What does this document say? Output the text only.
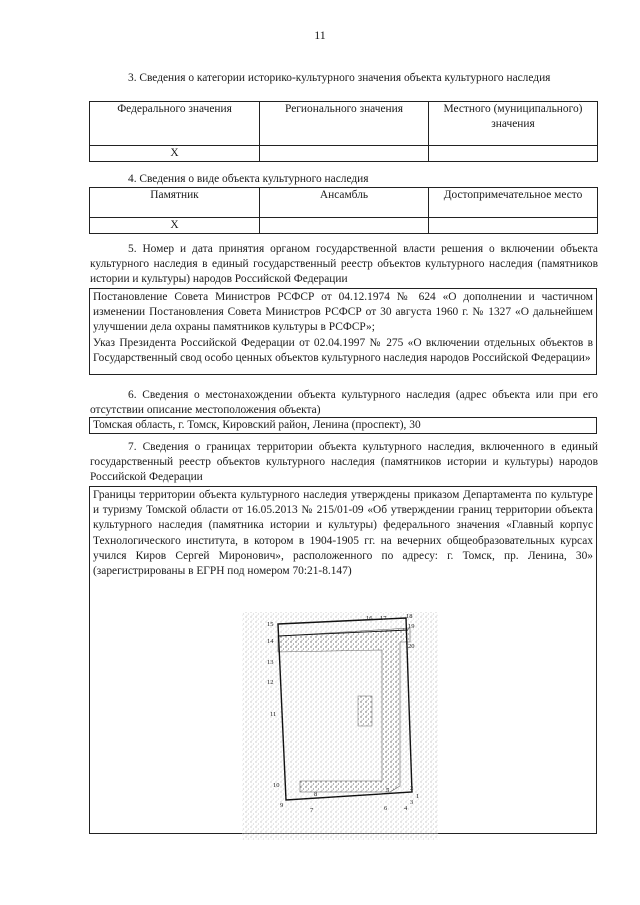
11
3. Сведения о категории историко-культурного значения объекта культурного наследия
Федерального значения	Регионального значения	Местного (муниципального) значения
Х		
4. Сведения о виде объекта культурного наследия
Памятник	Ансамбль	Достопримечательное место
Х		
5. Номер и дата принятия органом государственной власти решения о включении объекта культурного наследия в единый государственный реестр объектов культурного наследия (памятников истории и культуры) народов Российской Федерации

Постановление Совета Министров РСФСР от 04.12.1974 № 624 «О дополнении и частичном изменении Постановления Совета Министров РСФСР от 30 августа 1960 г. № 1327 «О дальнейшем улучшении дела охраны памятников культуры в РСФСР»;

Указ Президента Российской Федерации от 02.04.1997 № 275 «О включении отдельных объектов в Государственный свод особо ценных объектов культурного наследия народов Российской Федерации»

6. Сведения о местонахождении объекта культурного наследия (адрес объекта или при его отсутствии описание местоположения объекта)
Томская область, г. Томск, Кировский район, Ленина (проспект), 30
7. Сведения о границах территории объекта культурного наследия, включенного в единый государственный реестр объектов культурного наследия (памятников истории и культуры) народов Российской Федерации

Границы территории объекта культурного наследия утверждены приказом Департамента по культуре и туризму Томской области от 16.05.2013 № 215/01-09 «Об утверждении границ территории объекта культурного наследия (памятника истории и культуры) федерального значения «Главный корпус Технологического института, в котором в 1904-1905 гг. на вечерних общеобразовательных курсах учился Киров Сергей Миронович», расположенного по адресу: г. Томск, пр. Ленина, 30» (зарегистрированы в ЕГРН под номером 70:21-8.147)

1
2
3
4
5
6
7
8
9
10
11
12
13
14
15
16 17	18
19
20
